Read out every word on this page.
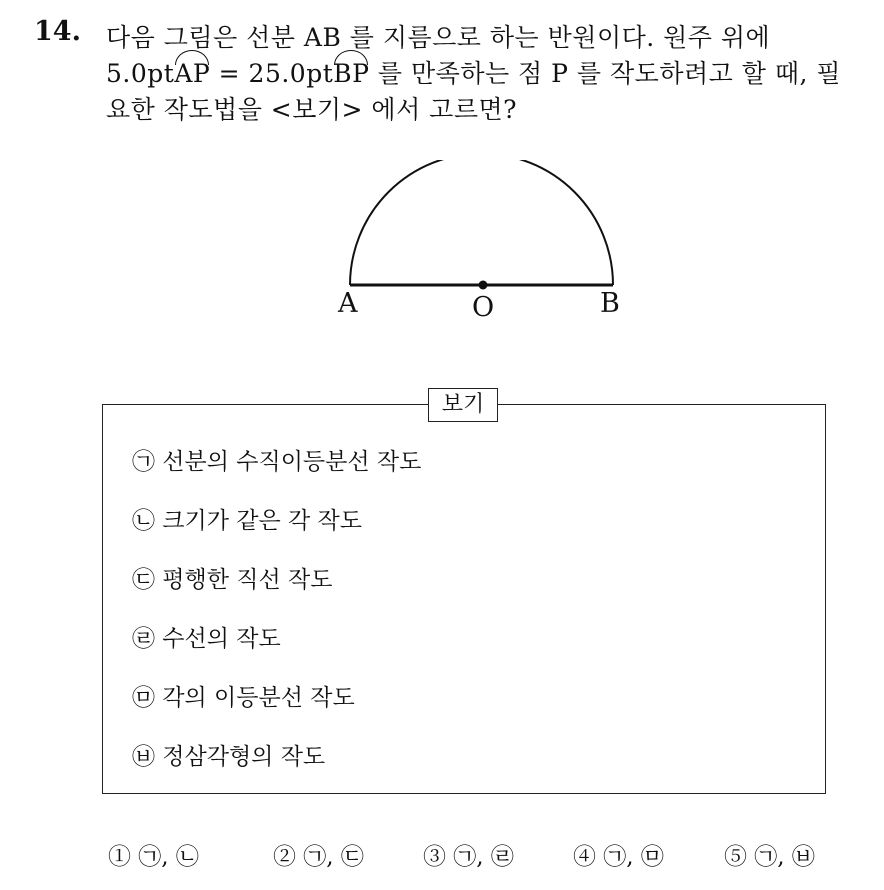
14. 다음 그림은 선분 AB 를 지름으로 하는 반원이다. 원주 위에
5.0ptAP = 25.0ptBP 를 만족하는 점 P 를 작도하려고 할 때, 필
요한 작도법을 <보기> 에서 고르면?
A	O	B
보기
㉠ 선분의 수직이등분선 작도
㉡ 크기가 같은 각 작도
㉢ 평행한 직선 작도
㉣ 수선의 작도
㉤ 각의 이등분선 작도
㉥ 정삼각형의 작도
① ㉠, ㉡	② ㉠, ㉢	③ ㉠, ㉣	④ ㉠, ㉤	⑤ ㉠, ㉥
